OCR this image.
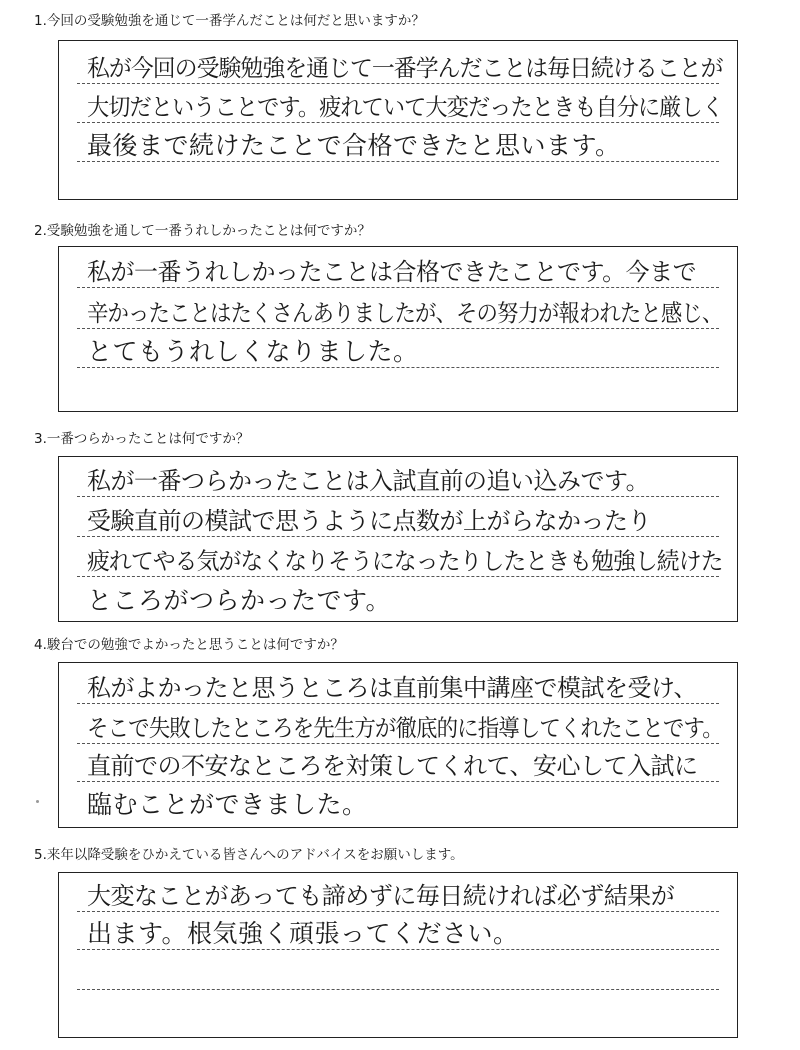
1.今回の受験勉強を通じて一番学んだことは何だと思いますか？
私が今回の受験勉強を通じて一番学んだことは毎日続けることが
大切だということです。疲れていて大変だったときも自分に厳しく
最後まで続けたことで合格できたと思います。
2.受験勉強を通して一番うれしかったことは何ですか？
私が一番うれしかったことは合格できたことです。今まで
辛かったことはたくさんありましたが、その努力が報われたと感じ、
とてもうれしくなりました。
3.一番つらかったことは何ですか？
私が一番つらかったことは入試直前の追い込みです。
受験直前の模試で思うように点数が上がらなかったり
疲れてやる気がなくなりそうになったりしたときも勉強し続けた
ところがつらかったです。
4.駿台での勉強でよかったと思うことは何ですか？
私がよかったと思うところは直前集中講座で模試を受け、
そこで失敗したところを先生方が徹底的に指導してくれたことです。
直前での不安なところを対策してくれて、安心して入試に
臨むことができました。
5.来年以降受験をひかえている皆さんへのアドバイスをお願いします。
大変なことがあっても諦めずに毎日続ければ必ず結果が
出ます。根気強く頑張ってください。
